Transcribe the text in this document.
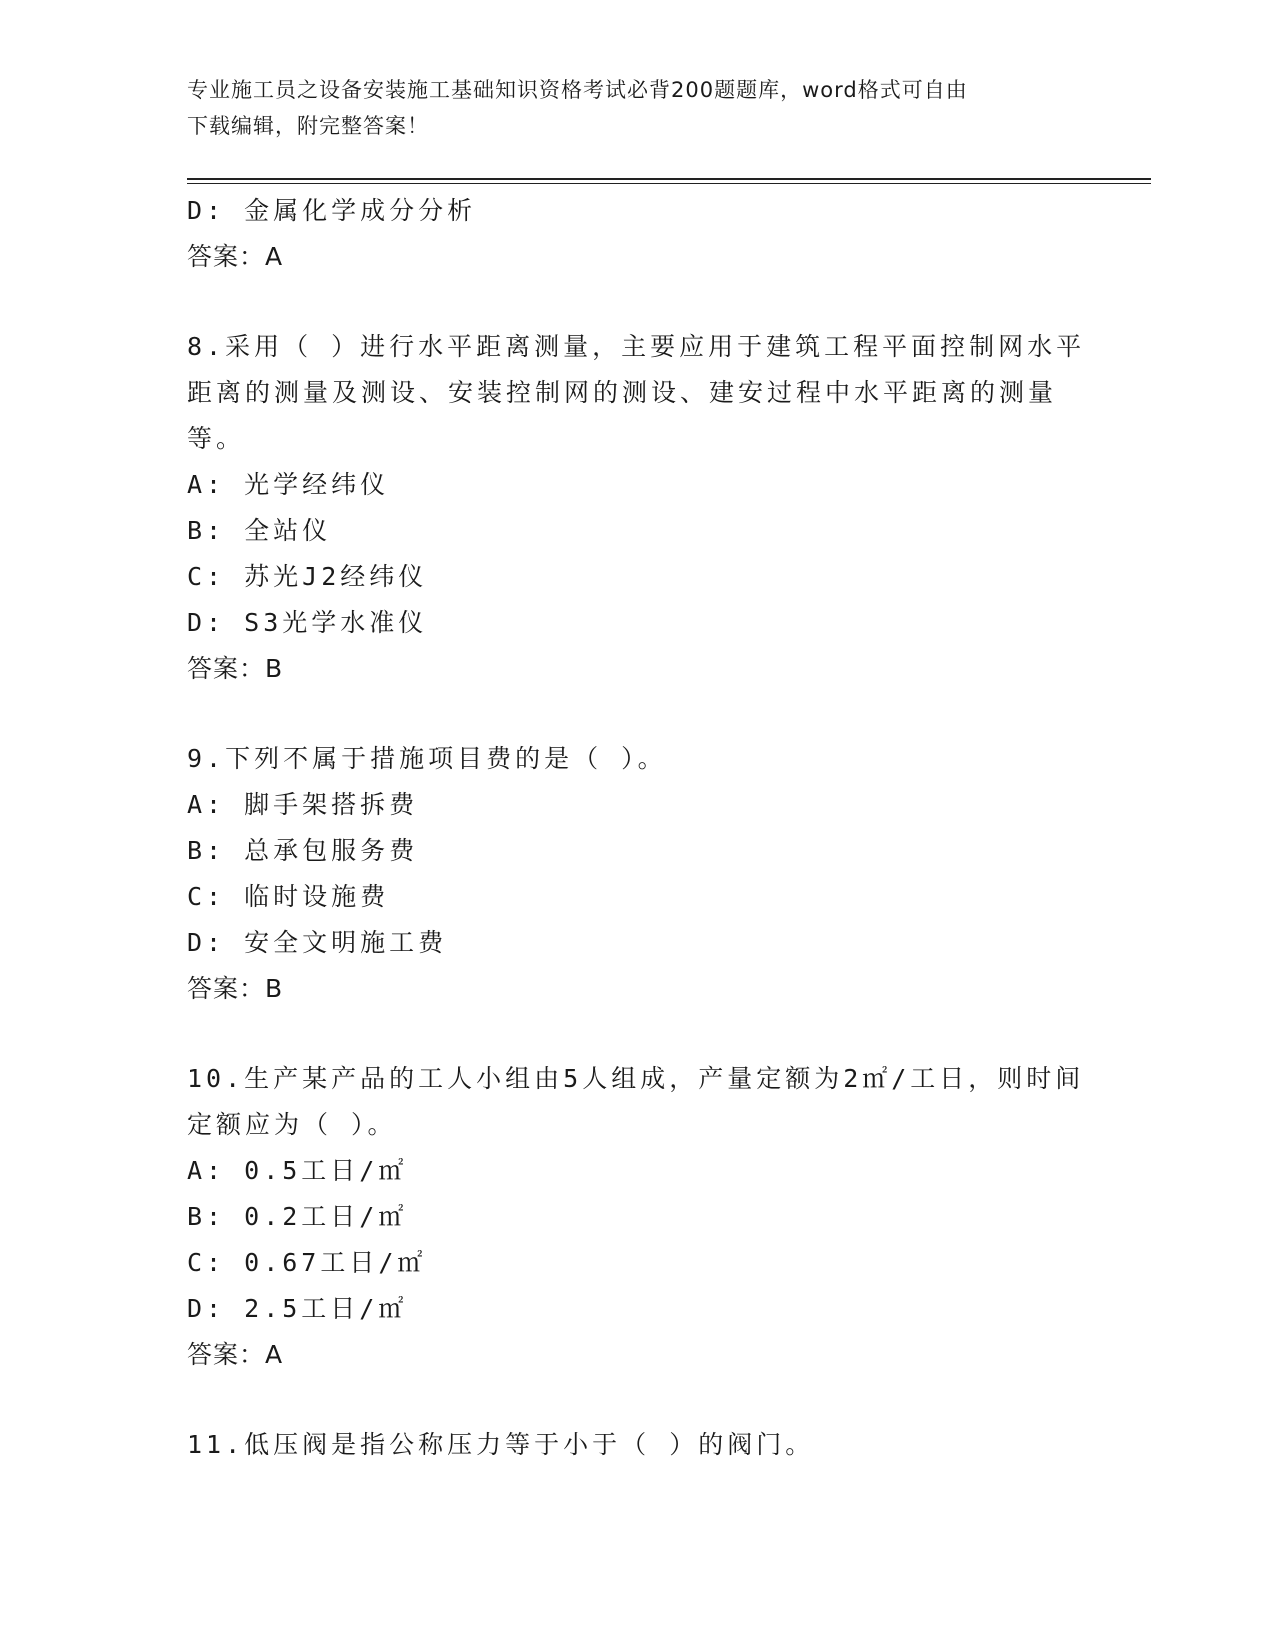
专业施工员之设备安装施工基础知识资格考试必背200题题库，word格式可自由
下载编辑，附完整答案！
D: 金属化学成分分析
答案：A
8.采用（ ）进行水平距离测量，主要应用于建筑工程平面控制网水平
距离的测量及测设、安装控制网的测设、建安过程中水平距离的测量
等。
A: 光学经纬仪
B: 全站仪
C: 苏光J2经纬仪
D: S3光学水准仪
答案：B
9.下列不属于措施项目费的是（ ）。
A: 脚手架搭拆费
B: 总承包服务费
C: 临时设施费
D: 安全文明施工费
答案：B
10.生产某产品的工人小组由5人组成，产量定额为2㎡/工日，则时间
定额应为（ ）。
A: 0.5工日/㎡
B: 0.2工日/㎡
C: 0.67工日/㎡
D: 2.5工日/㎡
答案：A
11.低压阀是指公称压力等于小于（ ）的阀门。
